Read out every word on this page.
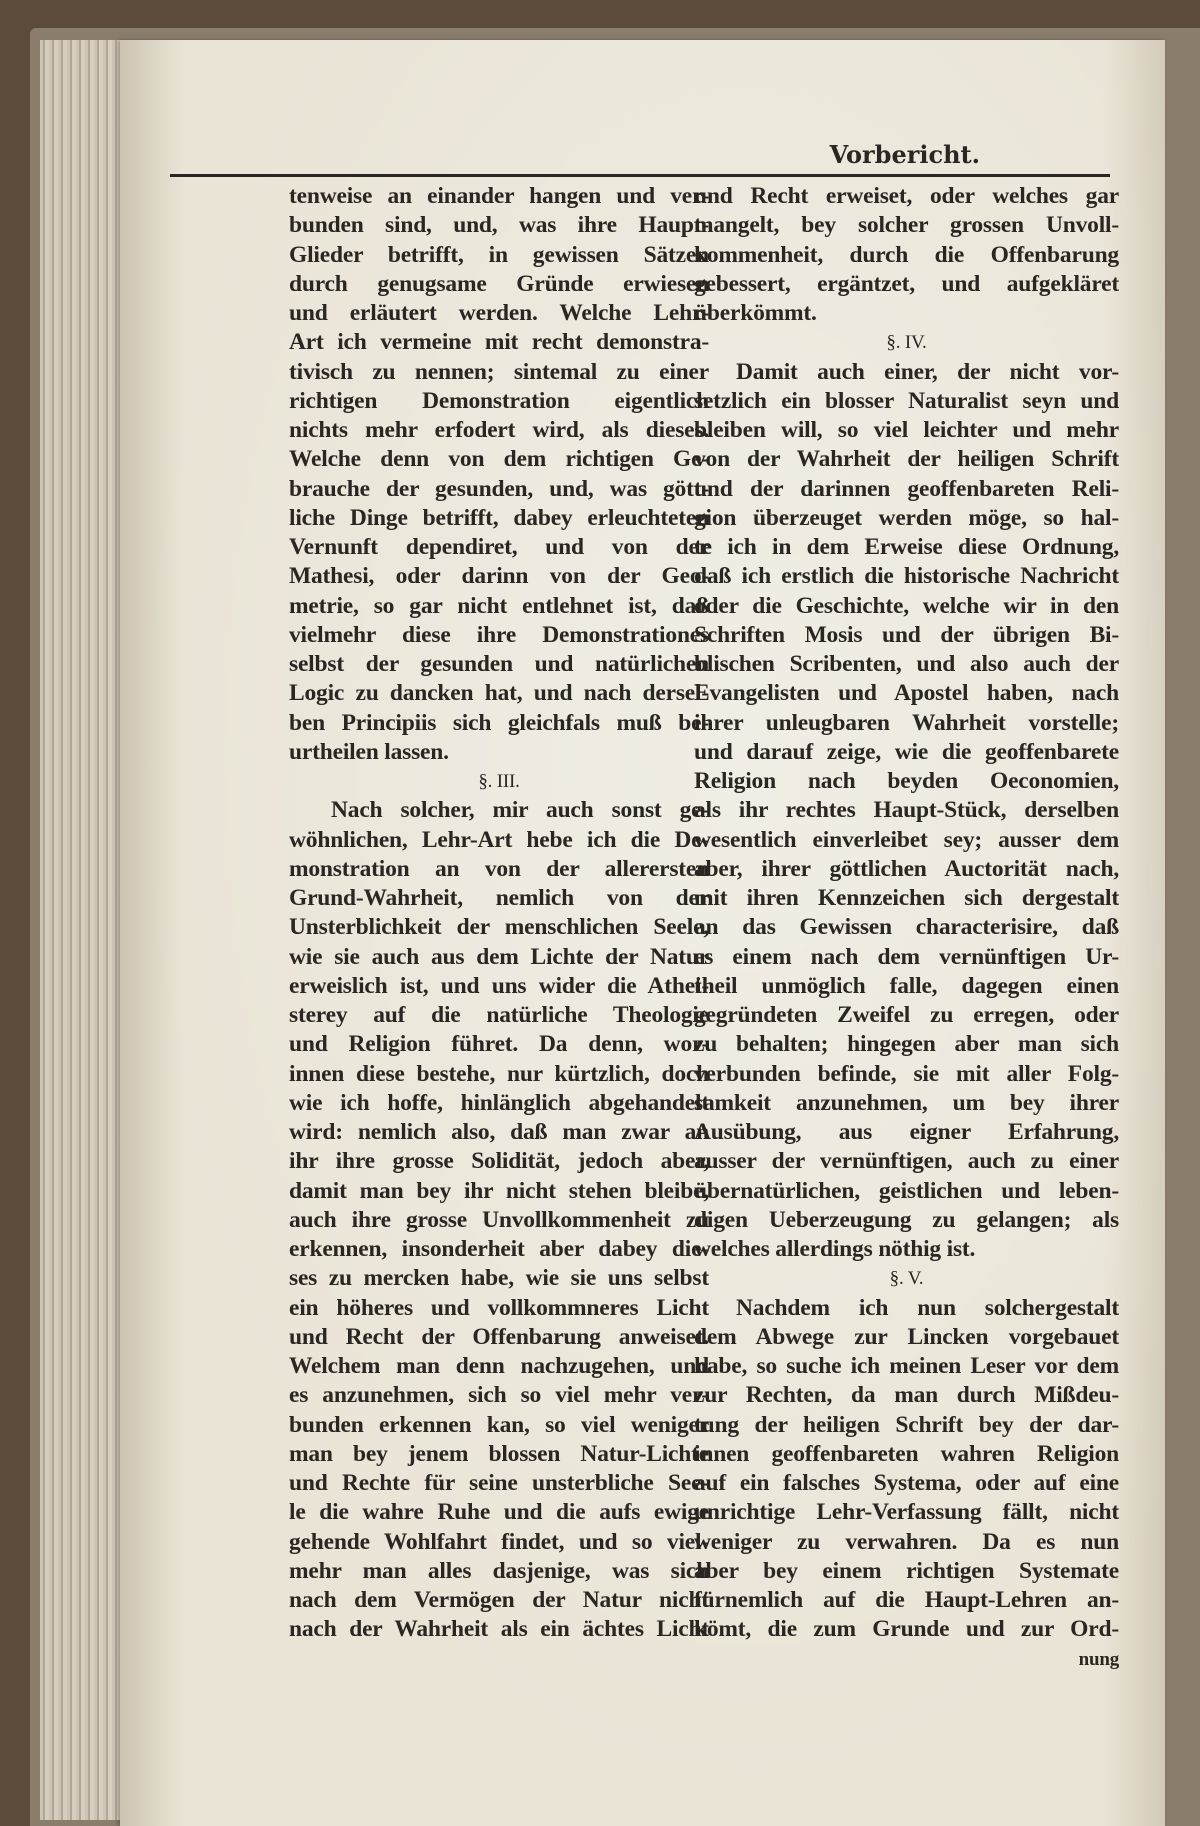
Vorbericht.
tenweise an einander hangen und ver-
bunden sind, und, was ihre Haupt-
Glieder betrifft, in gewissen Sätzen
durch genugsame Gründe erwiesen
und erläutert werden. Welche Lehr-
Art ich vermeine mit recht demonstra-
tivisch zu nennen; sintemal zu einer
richtigen Demonstration eigentlich
nichts mehr erfodert wird, als dieses.
Welche denn von dem richtigen Ge-
brauche der gesunden, und, was gött-
liche Dinge betrifft, dabey erleuchteten
Vernunft dependiret, und von der
Mathesi, oder darinn von der Geo-
metrie, so gar nicht entlehnet ist, daß
vielmehr diese ihre Demonstrationes
selbst der gesunden und natürlichen
Logic zu dancken hat, und nach dersel-
ben Principiis sich gleichfals muß be-
urtheilen lassen.
§. III.
Nach solcher, mir auch sonst ge-
wöhnlichen, Lehr-Art hebe ich die De-
monstration an von der allerersten
Grund-Wahrheit, nemlich von der
Unsterblichkeit der menschlichen Seele,
wie sie auch aus dem Lichte der Natur
erweislich ist, und uns wider die Athei-
sterey auf die natürliche Theologie
und Religion führet. Da denn, wor-
innen diese bestehe, nur kürtzlich, doch
wie ich hoffe, hinlänglich abgehandelt
wird: nemlich also, daß man zwar an
ihr ihre grosse Solidität, jedoch aber,
damit man bey ihr nicht stehen bleibe,
auch ihre grosse Unvollkommenheit zu
erkennen, insonderheit aber dabey die-
ses zu mercken habe, wie sie uns selbst
ein höheres und vollkommneres Licht
und Recht der Offenbarung anweiset.
Welchem man denn nachzugehen, und
es anzunehmen, sich so viel mehr ver-
bunden erkennen kan, so viel weniger
man bey jenem blossen Natur-Lichte
und Rechte für seine unsterbliche See-
le die wahre Ruhe und die aufs ewige
gehende Wohlfahrt findet, und so viel-
mehr man alles dasjenige, was sich
nach dem Vermögen der Natur nicht
nach der Wahrheit als ein ächtes Licht
und Recht erweiset, oder welches gar
mangelt, bey solcher grossen Unvoll-
kommenheit, durch die Offenbarung
gebessert, ergäntzet, und aufgekläret
überkömmt.
§. IV.
Damit auch einer, der nicht vor-
setzlich ein blosser Naturalist seyn und
bleiben will, so viel leichter und mehr
von der Wahrheit der heiligen Schrift
und der darinnen geoffenbareten Reli-
gion überzeuget werden möge, so hal-
te ich in dem Erweise diese Ordnung,
daß ich erstlich die historische Nachricht
oder die Geschichte, welche wir in den
Schriften Mosis und der übrigen Bi-
blischen Scribenten, und also auch der
Evangelisten und Apostel haben, nach
ihrer unleugbaren Wahrheit vorstelle;
und darauf zeige, wie die geoffenbarete
Religion nach beyden Oeconomien,
als ihr rechtes Haupt-Stück, derselben
wesentlich einverleibet sey; ausser dem
aber, ihrer göttlichen Auctorität nach,
mit ihren Kennzeichen sich dergestalt
an das Gewissen characterisire, daß
es einem nach dem vernünftigen Ur-
theil unmöglich falle, dagegen einen
gegründeten Zweifel zu erregen, oder
zu behalten; hingegen aber man sich
verbunden befinde, sie mit aller Folg-
samkeit anzunehmen, um bey ihrer
Ausübung, aus eigner Erfahrung,
ausser der vernünftigen, auch zu einer
übernatürlichen, geistlichen und leben-
digen Ueberzeugung zu gelangen; als
welches allerdings nöthig ist.
§. V.
Nachdem ich nun solchergestalt
dem Abwege zur Lincken vorgebauet
habe, so suche ich meinen Leser vor dem
zur Rechten, da man durch Mißdeu-
tung der heiligen Schrift bey der dar-
innen geoffenbareten wahren Religion
auf ein falsches Systema, oder auf eine
unrichtige Lehr-Verfassung fällt, nicht
weniger zu verwahren. Da es nun
aber bey einem richtigen Systemate
fürnemlich auf die Haupt-Lehren an-
kömt, die zum Grunde und zur Ord-
nung
